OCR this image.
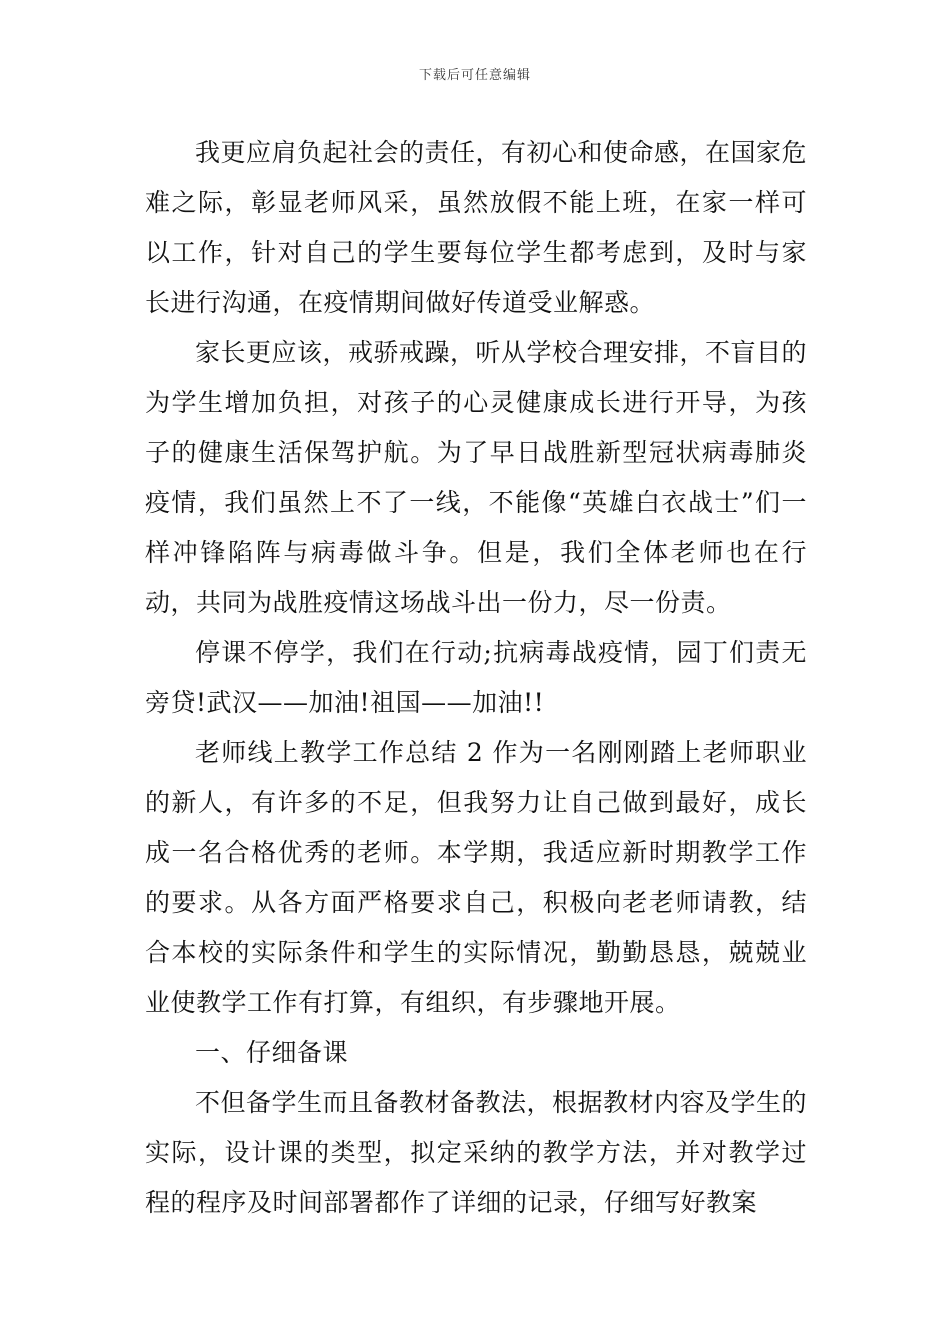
下载后可任意编辑

我更应肩负起社会的责任，有初心和使命感，在国家危难之际，彰显老师风采，虽然放假不能上班，在家一样可以工作，针对自己的学生要每位学生都考虑到，及时与家长进行沟通，在疫情期间做好传道受业解惑。

家长更应该，戒骄戒躁，听从学校合理安排，不盲目的为学生增加负担，对孩子的心灵健康成长进行开导，为孩子的健康生活保驾护航。为了早日战胜新型冠状病毒肺炎疫情，我们虽然上不了一线，不能像“英雄白衣战士”们一样冲锋陷阵与病毒做斗争。但是，我们全体老师也在行动，共同为战胜疫情这场战斗出一份力，尽一份责。

停课不停学，我们在行动;抗病毒战疫情，园丁们责无旁贷!武汉——加油!祖国——加油!!

老师线上教学工作总结 2 作为一名刚刚踏上老师职业的新人，有许多的不足，但我努力让自己做到最好，成长成一名合格优秀的老师。本学期，我适应新时期教学工作的要求。从各方面严格要求自己，积极向老老师请教，结合本校的实际条件和学生的实际情况，勤勤恳恳，兢兢业业使教学工作有打算，有组织，有步骤地开展。

一、仔细备课

不但备学生而且备教材备教法，根据教材内容及学生的实际，设计课的类型，拟定采纳的教学方法，并对教学过程的程序及时间部署都作了详细的记录，仔细写好教案
